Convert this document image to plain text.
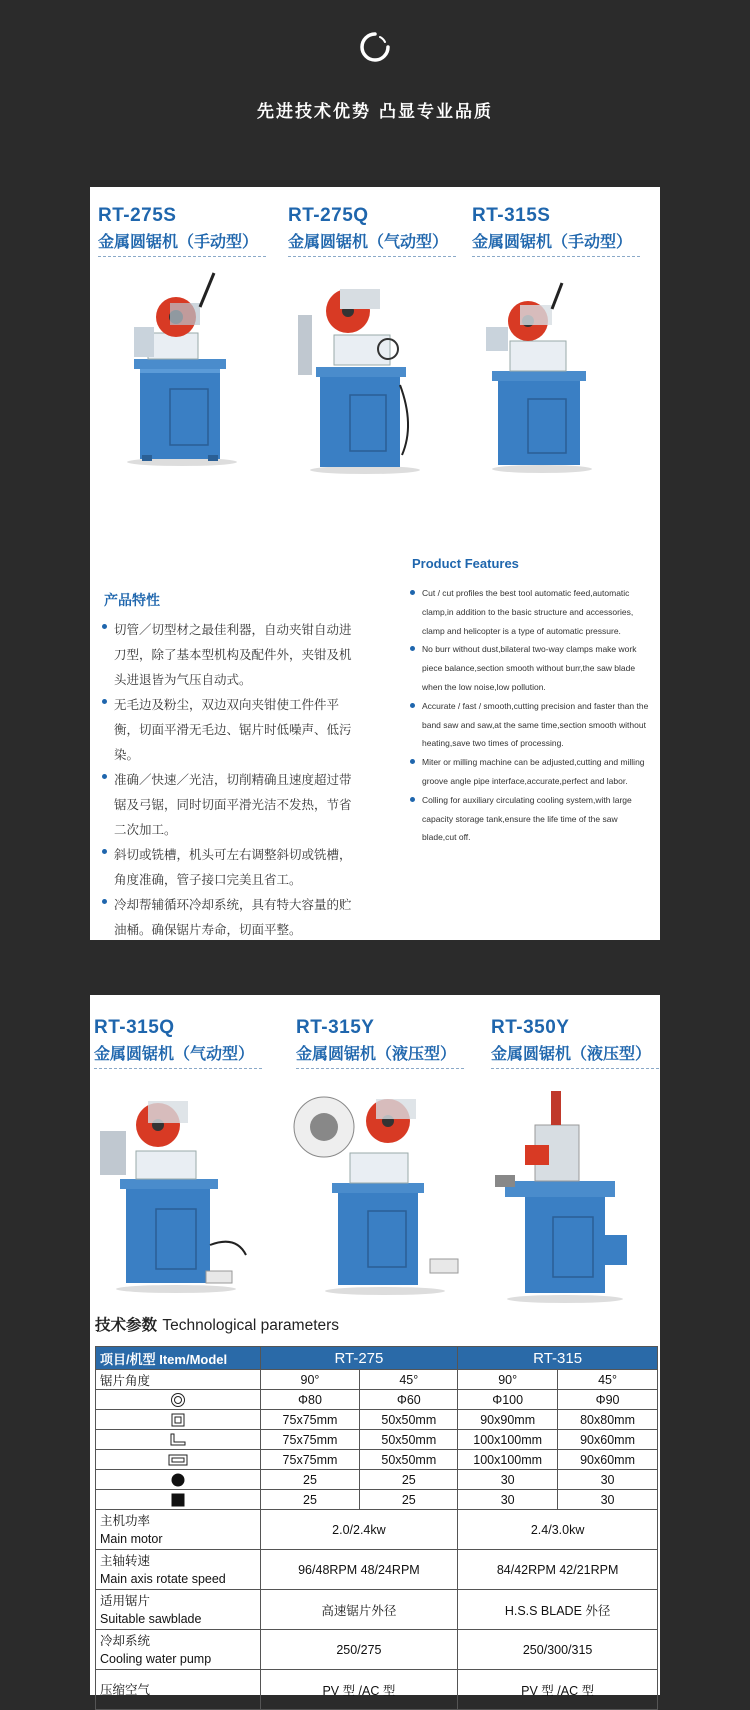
先进技术优势 凸显专业品质
RT-275S
金属圆锯机（手动型）
RT-275Q
金属圆锯机（气动型）
RT-315S
金属圆锯机（手动型）
产品特性
切管／切型材之最佳利器，自动夹钳自动进刀型，除了基本型机构及配件外，夹钳及机头进退皆为气压自动式。
无毛边及粉尘，双边双向夹钳使工件件平衡，切面平滑无毛边、锯片时低噪声、低污染。
准确／快速／光洁，切削精确且速度超过带锯及弓锯，同时切面平滑光洁不发热，节省二次加工。
斜切或铣槽，机头可左右调整斜切或铣槽，角度准确，管子接口完美且省工。
冷却帮辅循环冷却系统，具有特大容量的贮油桶。确保锯片寿命，切面平整。
Product Features
Cut / cut profiles the best tool automatic feed,automatic clamp,in addition to the basic structure and accessories, clamp and helicopter is a type of automatic pressure.
No burr without dust,bilateral two-way clamps make work piece balance,section smooth without burr,the saw blade when the low noise,low pollution.
Accurate / fast / smooth,cutting precision and faster than the band saw and saw,at the same time,section smooth without heating,save two times of processing.
Miter or milling machine can be adjusted,cutting and milling groove angle pipe interface,accurate,perfect and labor.
Colling for auxiliary circulating cooling system,with large capacity storage tank,ensure the life time of the saw blade,cut off.
RT-315Q
金属圆锯机（气动型）
RT-315Y
金属圆锯机（液压型）
RT-350Y
金属圆锯机（液压型）
技术参数 Technological parameters
项目/机型 Item/Model	RT-275		RT-315	
锯片角度	90°	45°	90°	45°
	Φ80	Φ60	Φ100	Φ90
	75x75mm	50x50mm	90x90mm	80x80mm
	75x75mm	50x50mm	100x100mm	90x60mm
	75x75mm	50x50mm	100x100mm	90x60mm
	25	25	30	30
	25	25	30	30

主机功率
Main motor	2.0/2.4kw		2.4/3.0kw	

主轴转速
Main axis rotate speed	96/48RPM 48/24RPM		84/42RPM 42/21RPM	

适用锯片
Suitable sawblade	高速锯片外径		H.S.S BLADE 外径	

冷却系统
Cooling water pump	250/275		250/300/315	

压缩空气	PV 型 /AC 型		PV 型 /AC 型	
